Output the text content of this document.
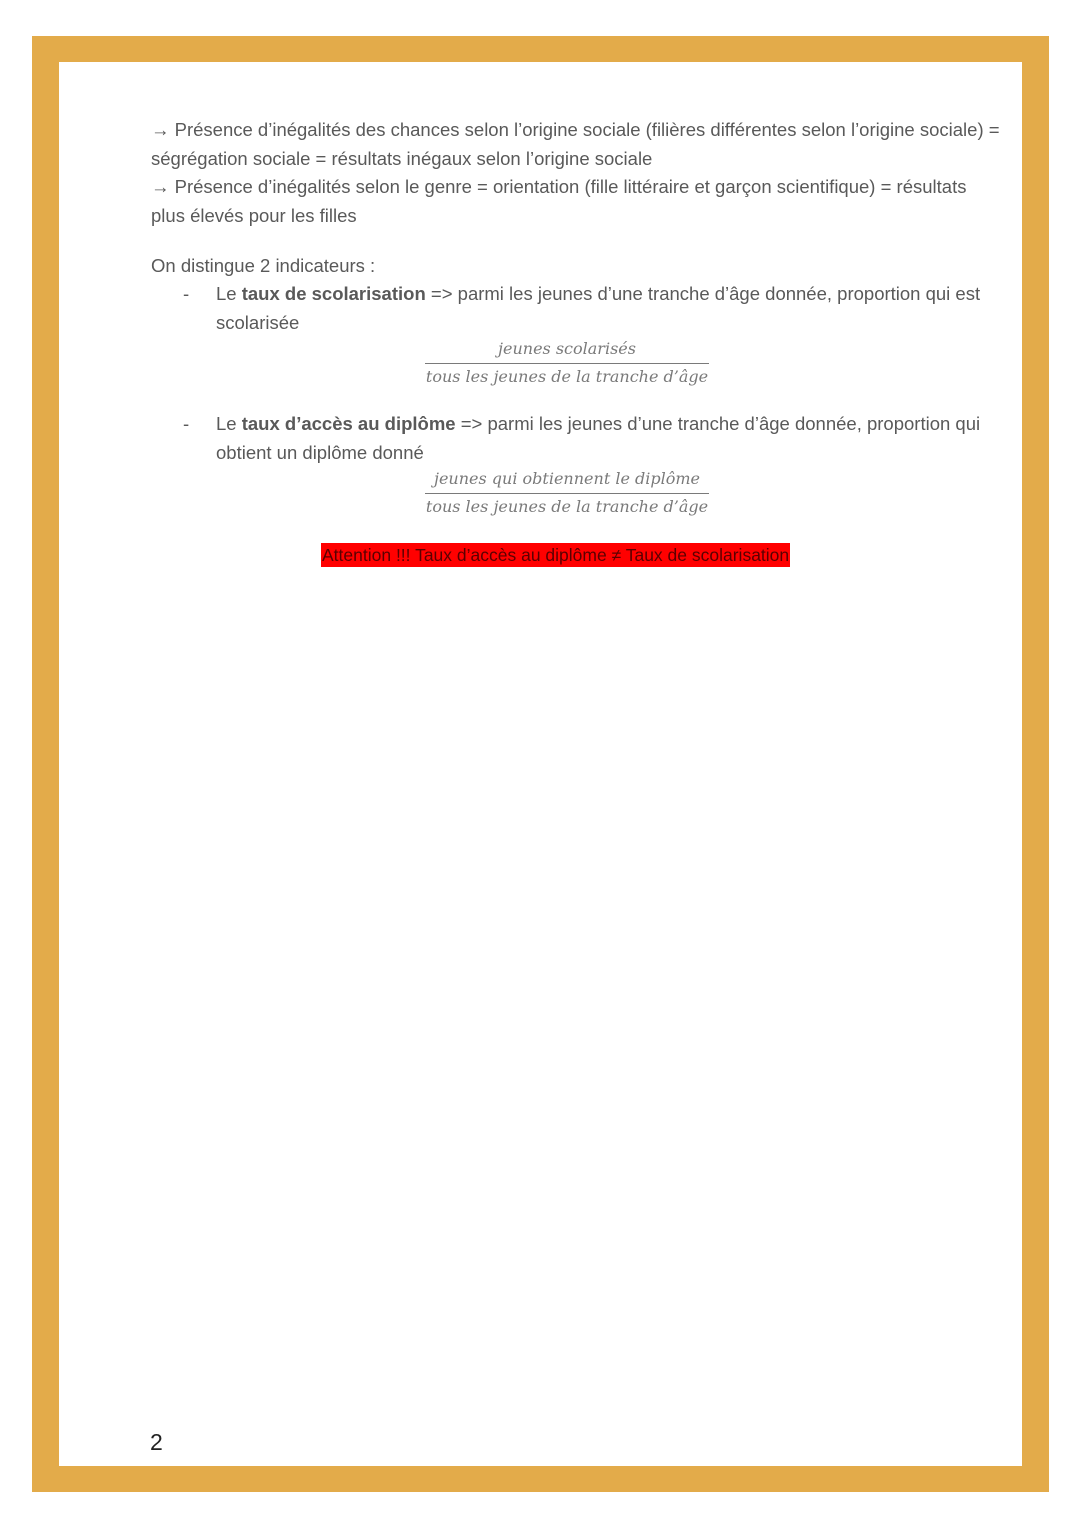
→ Présence d’inégalités des chances selon l’origine sociale (filières différentes selon l’origine sociale) =
ségrégation sociale = résultats inégaux selon l’origine sociale
→ Présence d’inégalités selon le genre = orientation (fille littéraire et garçon scientifique) = résultats
plus élevés pour les filles
On distingue 2 indicateurs :
- Le taux de scolarisation => parmi les jeunes d’une tranche d’âge donnée, proportion qui est
scolarisée
jeunes scolarisés
tous les jeunes de la tranche d’âge
- Le taux d’accès au diplôme => parmi les jeunes d’une tranche d’âge donnée, proportion qui
obtient un diplôme donné
jeunes qui obtiennent le diplôme
tous les jeunes de la tranche d’âge
Attention !!! Taux d’accès au diplôme ≠ Taux de scolarisation
2
